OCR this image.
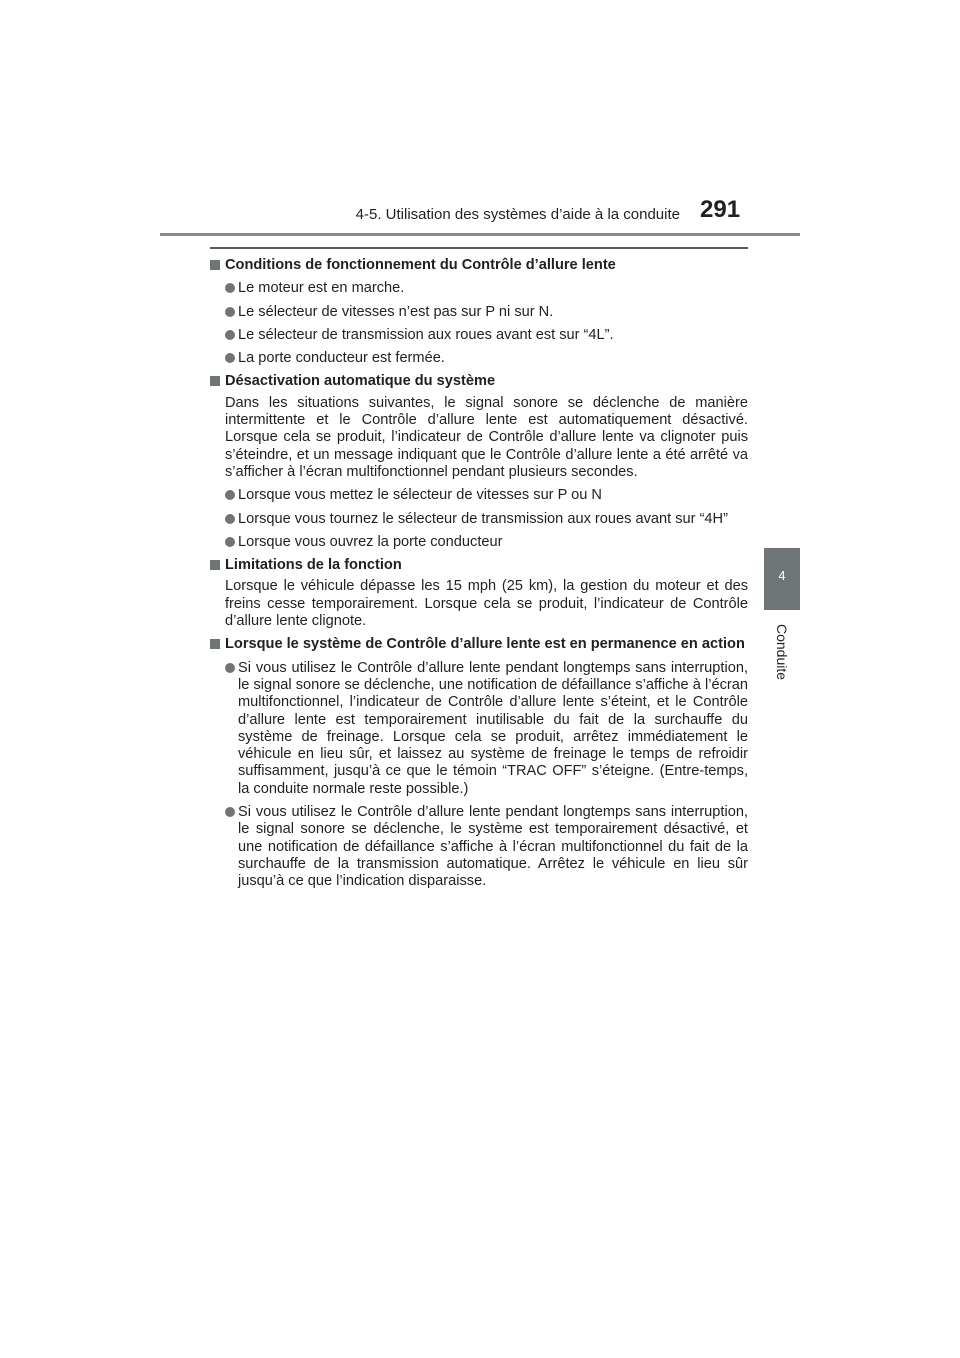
4-5. Utilisation des systèmes d’aide à la conduite 291
4
Conduite
Conditions de fonctionnement du Contrôle d’allure lente
Le moteur est en marche.
Le sélecteur de vitesses n’est pas sur P ni sur N.
Le sélecteur de transmission aux roues avant est sur “4L”.
La porte conducteur est fermée.
Désactivation automatique du système
Dans les situations suivantes, le signal sonore se déclenche de manière intermittente et le Contrôle d’allure lente est automatiquement désactivé. Lorsque cela se produit, l’indicateur de Contrôle d’allure lente va clignoter puis s’éteindre, et un message indiquant que le Contrôle d’allure lente a été arrêté va s’afficher à l’écran multifonctionnel pendant plusieurs secondes.
Lorsque vous mettez le sélecteur de vitesses sur P ou N
Lorsque vous tournez le sélecteur de transmission aux roues avant sur “4H”
Lorsque vous ouvrez la porte conducteur
Limitations de la fonction
Lorsque le véhicule dépasse les 15 mph (25 km), la gestion du moteur et des freins cesse temporairement. Lorsque cela se produit, l’indicateur de Contrôle d’allure lente clignote.
Lorsque le système de Contrôle d’allure lente est en permanence en action
Si vous utilisez le Contrôle d’allure lente pendant longtemps sans interruption, le signal sonore se déclenche, une notification de défaillance s’affiche à l’écran multifonctionnel, l’indicateur de Contrôle d’allure lente s’éteint, et le Contrôle d’allure lente est temporairement inutilisable du fait de la surchauffe du système de freinage. Lorsque cela se produit, arrêtez immédiatement le véhicule en lieu sûr, et laissez au système de freinage le temps de refroidir suffisamment, jusqu’à ce que le témoin “TRAC OFF” s’éteigne. (Entre-temps, la conduite normale reste possible.)
Si vous utilisez le Contrôle d’allure lente pendant longtemps sans interruption, le signal sonore se déclenche, le système est temporairement désactivé, et une notification de défaillance s’affiche à l’écran multifonctionnel du fait de la surchauffe de la transmission automatique. Arrêtez le véhicule en lieu sûr jusqu’à ce que l’indication disparaisse.
